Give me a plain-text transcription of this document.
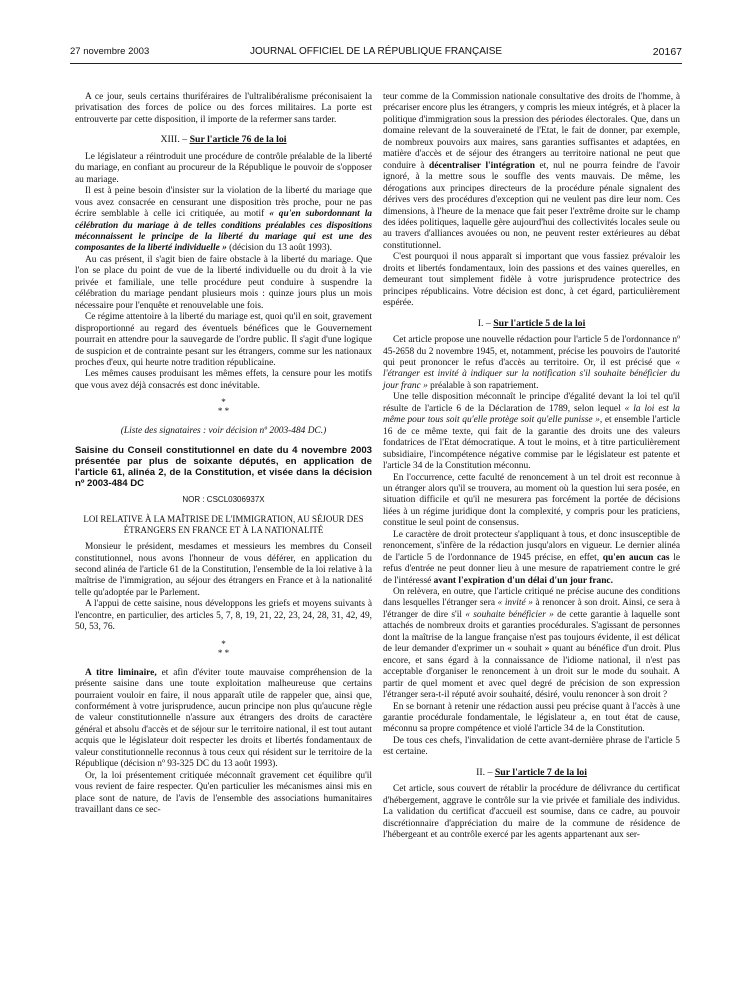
27 novembre 2003	JOURNAL OFFICIEL DE LA RÉPUBLIQUE FRANÇAISE	20167

A ce jour, seuls certains thuriféraires de l'ultralibéralisme préconisaient la privatisation des forces de police ou des forces militaires. La porte est entrouverte par cette disposition, il importe de la refermer sans tarder.

XIII. – Sur l'article 76 de la loi

Le législateur a réintroduit une procédure de contrôle préalable de la liberté du mariage, en confiant au procureur de la République le pouvoir de s'opposer au mariage.

Il est à peine besoin d'insister sur la violation de la liberté du mariage que vous avez consacrée en censurant une disposition très proche, pour ne pas écrire semblable à celle ici critiquée, au motif « qu'en subordonnant la célébration du mariage à de telles conditions préalables ces dispositions méconnaissent le principe de la liberté du mariage qui est une des composantes de la liberté individuelle » (décision du 13 août 1993).

Au cas présent, il s'agit bien de faire obstacle à la liberté du mariage. Que l'on se place du point de vue de la liberté individuelle ou du droit à la vie privée et familiale, une telle procédure peut conduire à suspendre la célébration du mariage pendant plusieurs mois : quinze jours plus un mois nécessaire pour l'enquête et renouvelable une fois.

Ce régime attentoire à la liberté du mariage est, quoi qu'il en soit, gravement disproportionné au regard des éventuels bénéfices que le Gouvernement pourrait en attendre pour la sauvegarde de l'ordre public. Il s'agit d'une logique de suspicion et de contrainte pesant sur les étrangers, comme sur les nationaux proches d'eux, qui heurte notre tradition républicaine.

Les mêmes causes produisant les mêmes effets, la censure pour les motifs que vous avez déjà consacrés est donc inévitable.

*
* *
(Liste des signataires : voir décision nº 2003-484 DC.)
Saisine du Conseil constitutionnel en date du 4 novembre 2003 présentée par plus de soixante députés, en application de l'article 61, alinéa 2, de la Constitution, et visée dans la décision nº 2003-484 DC
NOR : CSCL0306937X
LOI RELATIVE À LA MAÎTRISE DE L'IMMIGRATION, AU SÉJOUR DES ÉTRANGERS EN FRANCE ET À LA NATIONALITÉ

Monsieur le président, mesdames et messieurs les membres du Conseil constitutionnel, nous avons l'honneur de vous déférer, en application du second alinéa de l'article 61 de la Constitution, l'ensemble de la loi relative à la maîtrise de l'immigration, au séjour des étrangers en France et à la nationalité telle qu'adoptée par le Parlement.

A l'appui de cette saisine, nous développons les griefs et moyens suivants à l'encontre, en particulier, des articles 5, 7, 8, 19, 21, 22, 23, 24, 28, 31, 42, 49, 50, 53, 76.

*
* *

A titre liminaire, et afin d'éviter toute mauvaise compréhension de la présente saisine dans une toute exploitation malheureuse que certains pourraient vouloir en faire, il nous apparaît utile de rappeler que, ainsi que, conformément à votre jurisprudence, aucun principe non plus qu'aucune règle de valeur constitutionnelle n'assure aux étrangers des droits de caractère général et absolu d'accès et de séjour sur le territoire national, il est tout autant acquis que le législateur doit respecter les droits et libertés fondamentaux de valeur constitutionnelle reconnus à tous ceux qui résident sur le territoire de la République (décision nº 93-325 DC du 13 août 1993).

Or, la loi présentement critiquée méconnaît gravement cet équilibre qu'il vous revient de faire respecter. Qu'en particulier les mécanismes ainsi mis en place sont de nature, de l'avis de l'ensemble des associations humanitaires travaillant dans ce sec-

teur comme de la Commission nationale consultative des droits de l'homme, à précariser encore plus les étrangers, y compris les mieux intégrés, et à placer la politique d'immigration sous la pression des périodes électorales. Que, dans un domaine relevant de la souveraineté de l'Etat, le fait de donner, par exemple, de nombreux pouvoirs aux maires, sans garanties suffisantes et adaptées, en matière d'accès et de séjour des étrangers au territoire national ne peut que conduire à décentraliser l'intégration et, nul ne pourra feindre de l'avoir ignoré, à la mettre sous le souffle des vents mauvais. De même, les dérogations aux principes directeurs de la procédure pénale signalent des dérives vers des procédures d'exception qui ne veulent pas dire leur nom. Ces dimensions, à l'heure de la menace que fait peser l'extrême droite sur le champ des idées politiques, laquelle gère aujourd'hui des collectivités locales seule ou au travers d'alliances avouées ou non, ne peuvent rester extérieures au débat constitutionnel.

C'est pourquoi il nous apparaît si important que vous fassiez prévaloir les droits et libertés fondamentaux, loin des passions et des vaines querelles, en demeurant tout simplement fidèle à votre jurisprudence protectrice des principes républicains. Votre décision est donc, à cet égard, particulièrement espérée.

I. – Sur l'article 5 de la loi

Cet article propose une nouvelle rédaction pour l'article 5 de l'ordonnance nº 45-2658 du 2 novembre 1945, et, notamment, précise les pouvoirs de l'autorité qui peut prononcer le refus d'accès au territoire. Or, il est précisé que « l'étranger est invité à indiquer sur la notification s'il souhaite bénéficier du jour franc » préalable à son rapatriement.

Une telle disposition méconnaît le principe d'égalité devant la loi tel qu'il résulte de l'article 6 de la Déclaration de 1789, selon lequel « la loi est la même pour tous soit qu'elle protège soit qu'elle punisse », et ensemble l'article 16 de ce même texte, qui fait de la garantie des droits une des valeurs fondatrices de l'Etat démocratique. A tout le moins, et à titre particulièrement subsidiaire, l'incompétence négative commise par le législateur est patente et l'article 34 de la Constitution méconnu.

En l'occurrence, cette faculté de renoncement à un tel droit est reconnue à un étranger alors qu'il se trouvera, au moment où la question lui sera posée, en situation difficile et qu'il ne mesurera pas forcément la portée de décisions liées à un régime juridique dont la complexité, y compris pour les praticiens, constitue le seul point de consensus.

Le caractère de droit protecteur s'appliquant à tous, et donc insusceptible de renoncement, s'infère de la rédaction jusqu'alors en vigueur. Le dernier alinéa de l'article 5 de l'ordonnance de 1945 précise, en effet, qu'en aucun cas le refus d'entrée ne peut donner lieu à une mesure de rapatriement contre le gré de l'intéressé avant l'expiration d'un délai d'un jour franc.

On relèvera, en outre, que l'article critiqué ne précise aucune des conditions dans lesquelles l'étranger sera « invité » à renoncer à son droit. Ainsi, ce sera à l'étranger de dire s'il « souhaite bénéficier » de cette garantie à laquelle sont attachés de nombreux droits et garanties procédurales. S'agissant de personnes dont la maîtrise de la langue française n'est pas toujours évidente, il est délicat de leur demander d'exprimer un « souhait » quant au bénéfice d'un droit. Plus encore, et sans égard à la connaissance de l'idiome national, il n'est pas acceptable d'organiser le renoncement à un droit sur le mode du souhait. A partir de quel moment et avec quel degré de précision de son expression l'étranger sera-t-il réputé avoir souhaité, désiré, voulu renoncer à son droit ?

En se bornant à retenir une rédaction aussi peu précise quant à l'accès à une garantie procédurale fondamentale, le législateur a, en tout état de cause, méconnu sa propre compétence et violé l'article 34 de la Constitution.

De tous ces chefs, l'invalidation de cette avant-dernière phrase de l'article 5 est certaine.

II. – Sur l'article 7 de la loi

Cet article, sous couvert de rétablir la procédure de délivrance du certificat d'hébergement, aggrave le contrôle sur la vie privée et familiale des individus. La validation du certificat d'accueil est soumise, dans ce cadre, au pouvoir discrétionnaire d'appréciation du maire de la commune de résidence de l'hébergeant et au contrôle exercé par les agents appartenant aux ser-
